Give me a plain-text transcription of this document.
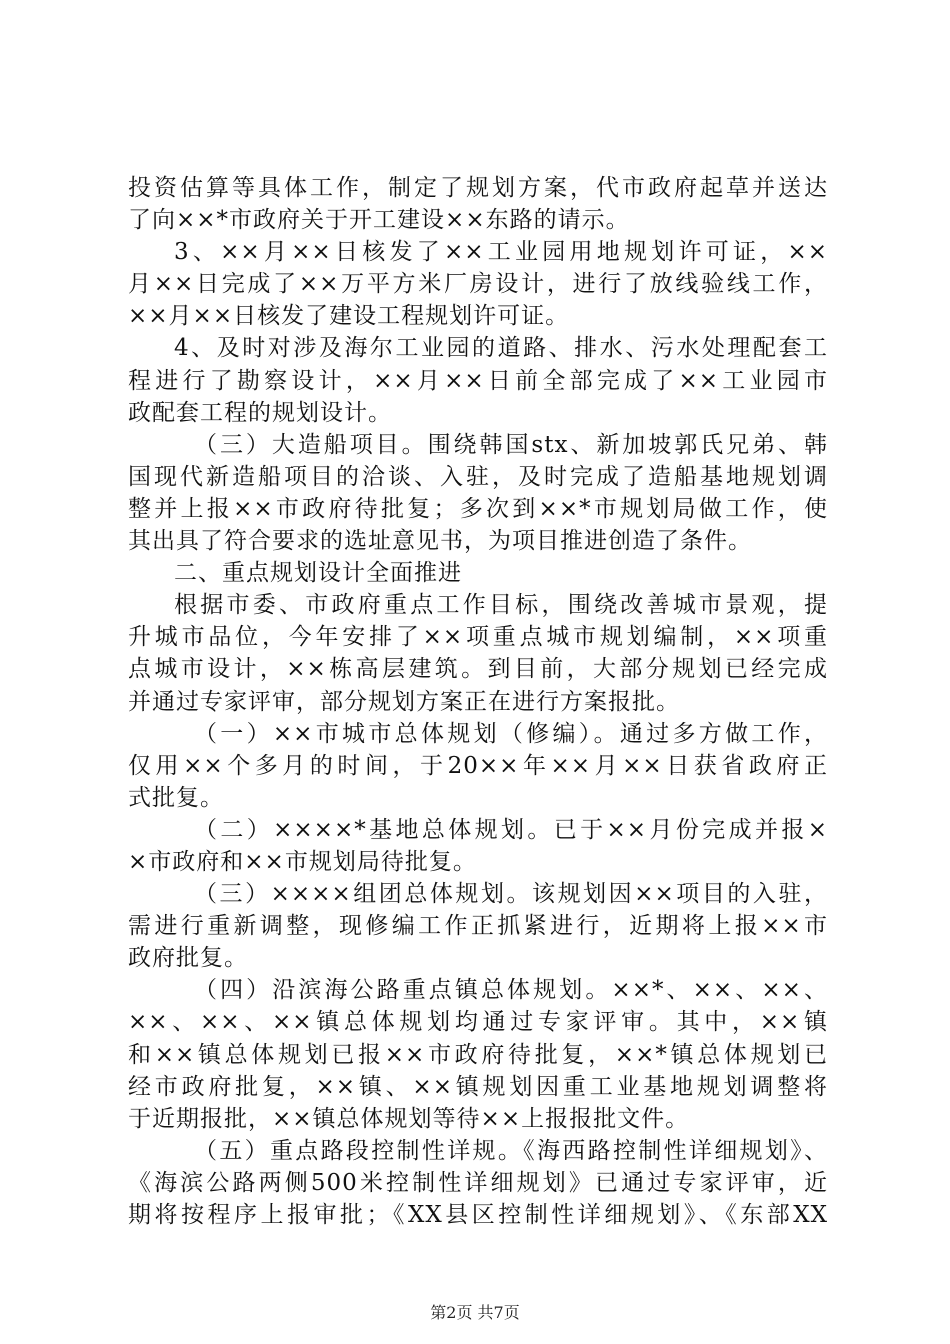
投资估算等具体工作，制定了规划方案，代市政府起草并送达
了向××*市政府关于开工建设××东路的请示。
3、××月××日核发了××工业园用地规划许可证，××
月××日完成了××万平方米厂房设计，进行了放线验线工作，
××月××日核发了建设工程规划许可证。
4、及时对涉及海尔工业园的道路、排水、污水处理配套工
程进行了勘察设计，××月××日前全部完成了××工业园市
政配套工程的规划设计。
（三）大造船项目。围绕韩国stx、新加坡郭氏兄弟、韩
国现代新造船项目的洽谈、入驻，及时完成了造船基地规划调
整并上报××市政府待批复；多次到××*市规划局做工作，使
其出具了符合要求的选址意见书，为项目推进创造了条件。
二、重点规划设计全面推进
根据市委、市政府重点工作目标，围绕改善城市景观，提
升城市品位，今年安排了××项重点城市规划编制，××项重
点城市设计，××栋高层建筑。到目前，大部分规划已经完成
并通过专家评审，部分规划方案正在进行方案报批。
（一）××市城市总体规划（修编）。通过多方做工作，
仅用××个多月的时间，于20××年××月××日获省政府正
式批复。
（二）××××*基地总体规划。已于××月份完成并报×
×市政府和××市规划局待批复。
（三）××××组团总体规划。该规划因××项目的入驻，
需进行重新调整，现修编工作正抓紧进行，近期将上报××市
政府批复。
（四）沿滨海公路重点镇总体规划。××*、××、××、
××、××、××镇总体规划均通过专家评审。其中，××镇
和××镇总体规划已报××市政府待批复，××*镇总体规划已
经市政府批复，××镇、××镇规划因重工业基地规划调整将
于近期报批，××镇总体规划等待××上报报批文件。
（五）重点路段控制性详规。《海西路控制性详细规划》、
《海滨公路两侧500米控制性详细规划》已通过专家评审，近
期将按程序上报审批；《XX县区控制性详细规划》、《东部XX
第2页 共7页
